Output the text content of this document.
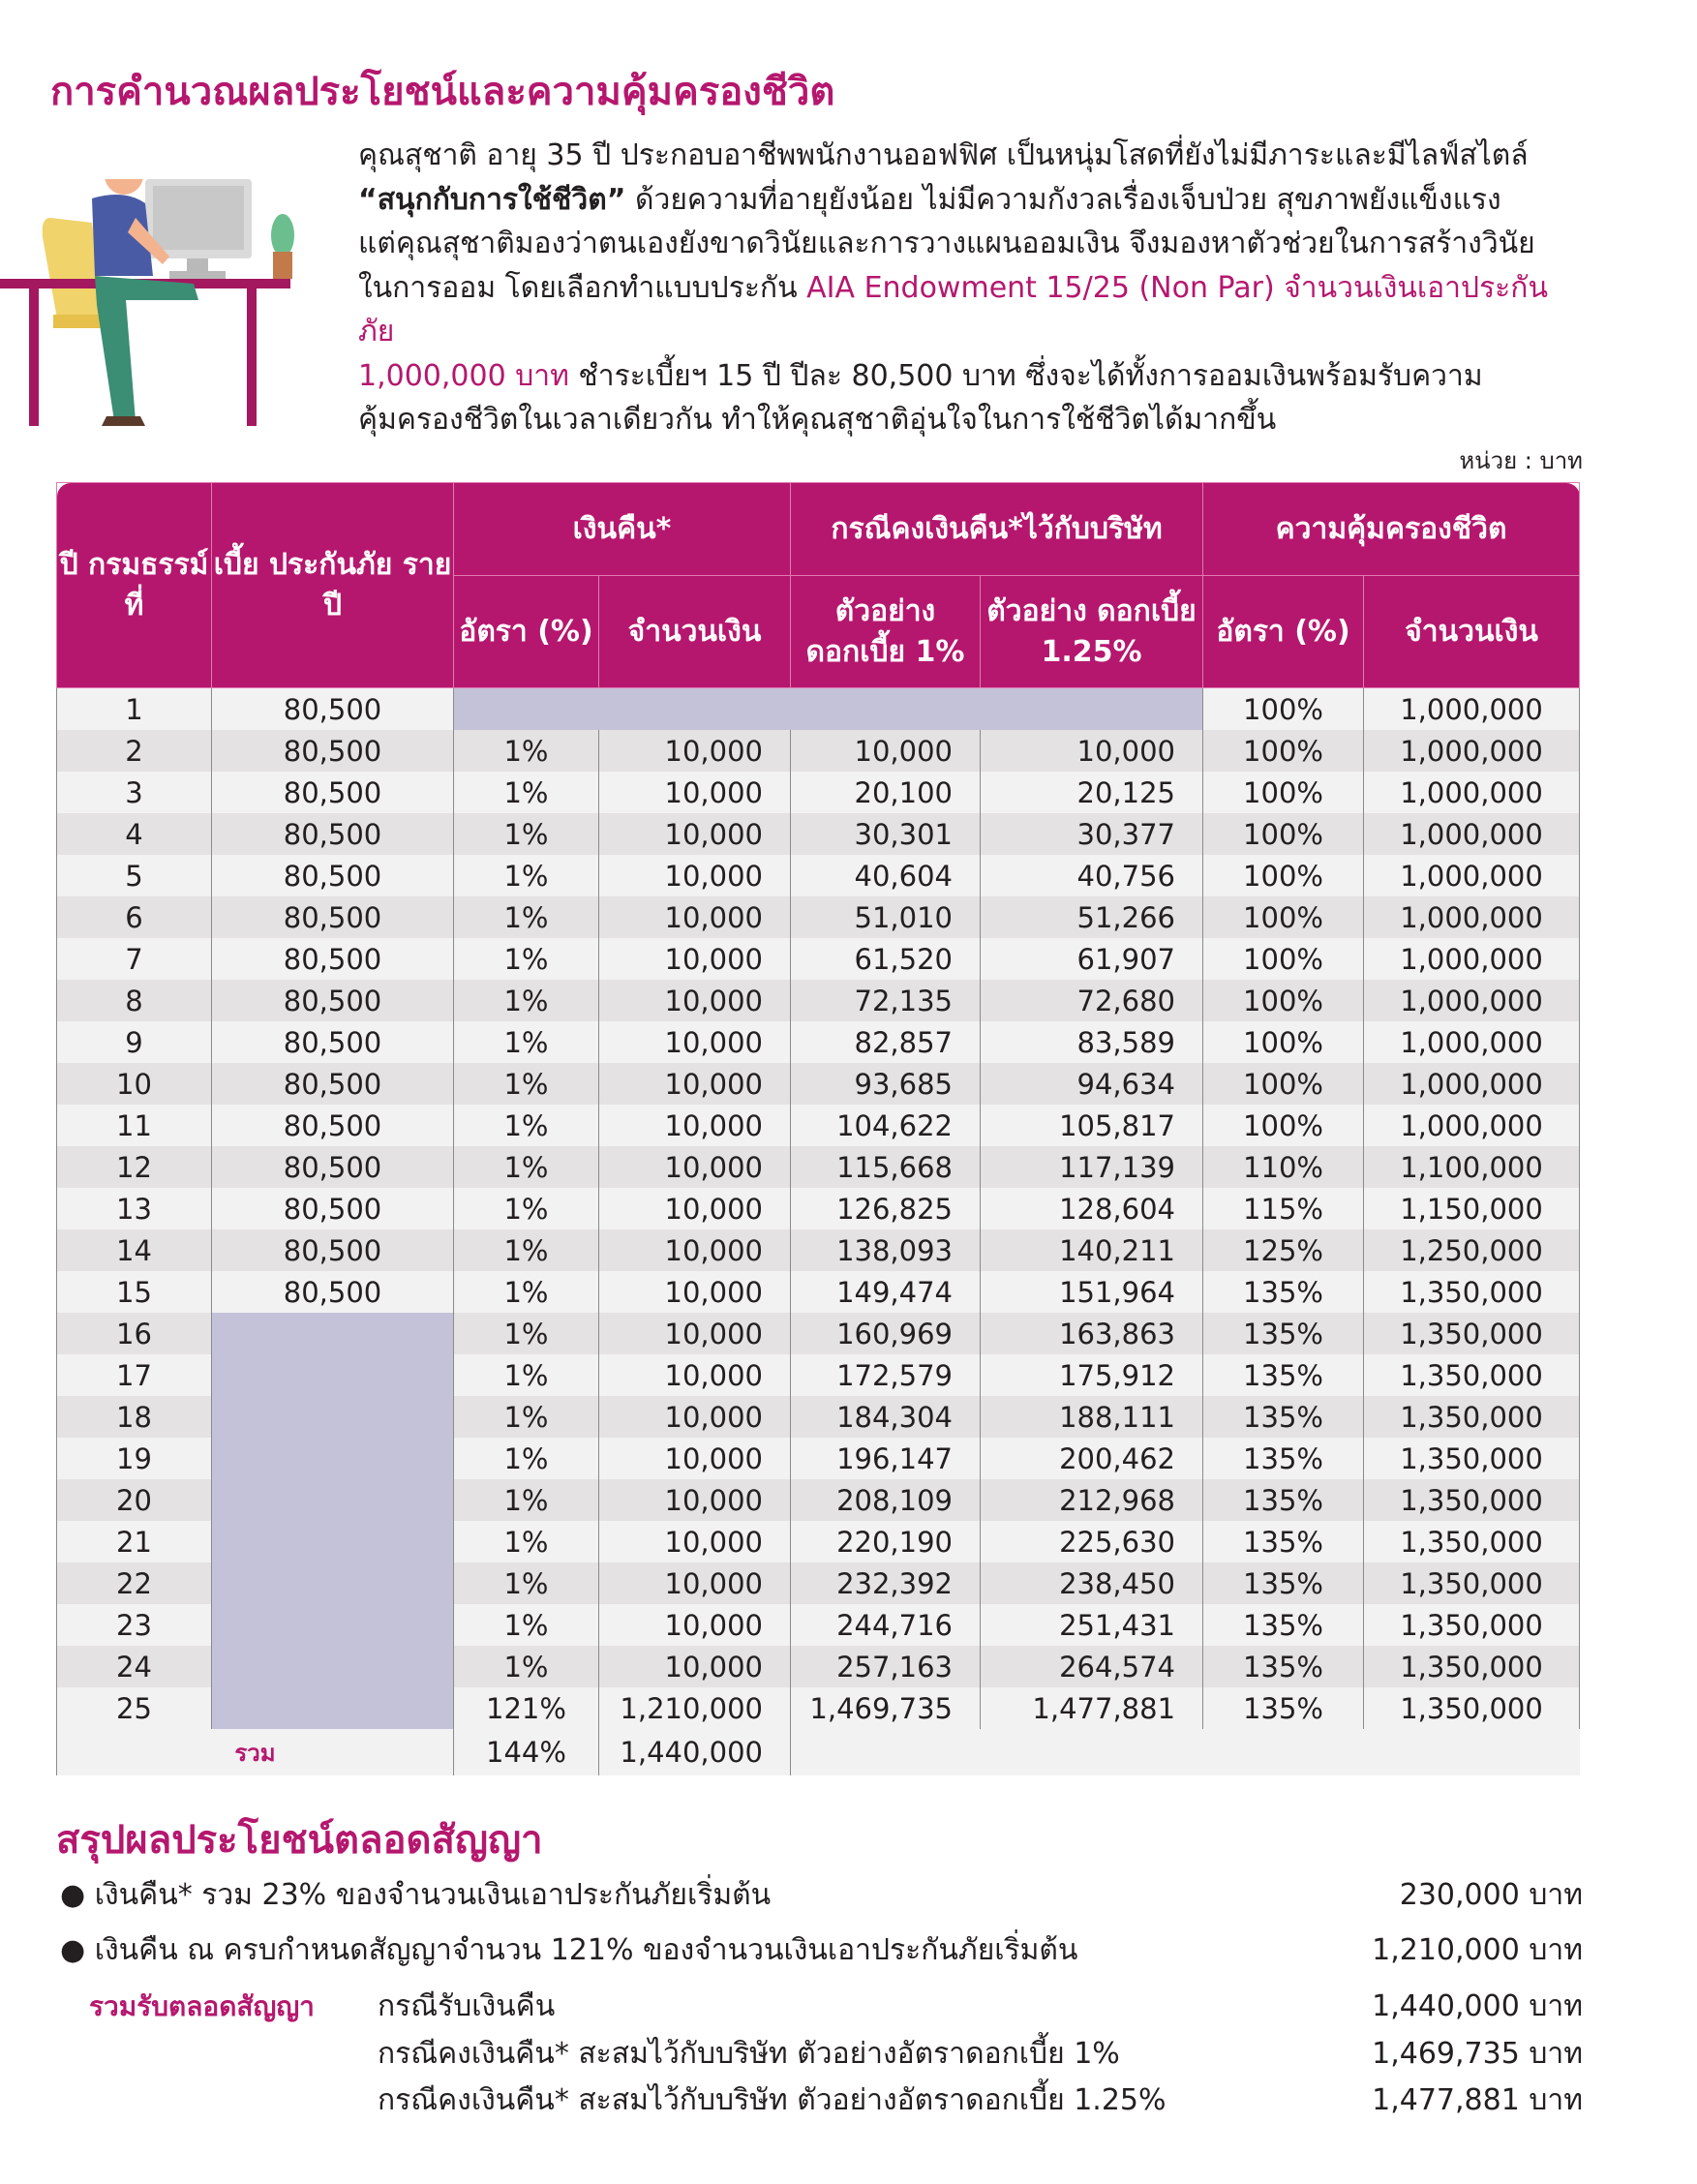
การคำนวณผลประโยชน์และความคุ้มครองชีวิต
คุณสุชาติ อายุ 35 ปี ประกอบอาชีพพนักงานออฟฟิศ เป็นหนุ่มโสดที่ยังไม่มีภาระและมีไลฟ์สไตล์
“สนุกกับการใช้ชีวิต” ด้วยความที่อายุยังน้อย ไม่มีความกังวลเรื่องเจ็บป่วย สุขภาพยังแข็งแรง
แต่คุณสุชาติมองว่าตนเองยังขาดวินัยและการวางแผนออมเงิน จึงมองหาตัวช่วยในการสร้างวินัย
ในการออม โดยเลือกทำแบบประกัน AIA Endowment 15/25 (Non Par) จำนวนเงินเอาประกันภัย
1,000,000 บาท ชำระเบี้ยฯ 15 ปี ปีละ 80,500 บาท ซึ่งจะได้ทั้งการออมเงินพร้อมรับความ
คุ้มครองชีวิตในเวลาเดียวกัน ทำให้คุณสุชาติอุ่นใจในการใช้ชีวิตได้มากขึ้น
หน่วย : บาท
ปี กรมธรรม์ ที่	เบี้ย ประกันภัย รายปี	เงินคืน*		กรณีคงเงินคืน*ไว้กับบริษัท		ความคุ้มครองชีวิต	
		อัตรา (%)	จำนวนเงิน	ตัวอย่าง ดอกเบี้ย 1%	ตัวอย่าง ดอกเบี้ย 1.25%	อัตรา (%)	จำนวนเงิน
1	80,500					100%	1,000,000
2	80,500	1%	10,000	10,000	10,000	100%	1,000,000
3	80,500	1%	10,000	20,100	20,125	100%	1,000,000
4	80,500	1%	10,000	30,301	30,377	100%	1,000,000
5	80,500	1%	10,000	40,604	40,756	100%	1,000,000
6	80,500	1%	10,000	51,010	51,266	100%	1,000,000
7	80,500	1%	10,000	61,520	61,907	100%	1,000,000
8	80,500	1%	10,000	72,135	72,680	100%	1,000,000
9	80,500	1%	10,000	82,857	83,589	100%	1,000,000
10	80,500	1%	10,000	93,685	94,634	100%	1,000,000
11	80,500	1%	10,000	104,622	105,817	100%	1,000,000
12	80,500	1%	10,000	115,668	117,139	110%	1,100,000
13	80,500	1%	10,000	126,825	128,604	115%	1,150,000
14	80,500	1%	10,000	138,093	140,211	125%	1,250,000
15	80,500	1%	10,000	149,474	151,964	135%	1,350,000
16		1%	10,000	160,969	163,863	135%	1,350,000
17		1%	10,000	172,579	175,912	135%	1,350,000
18		1%	10,000	184,304	188,111	135%	1,350,000
19		1%	10,000	196,147	200,462	135%	1,350,000
20		1%	10,000	208,109	212,968	135%	1,350,000
21		1%	10,000	220,190	225,630	135%	1,350,000
22		1%	10,000	232,392	238,450	135%	1,350,000
23		1%	10,000	244,716	251,431	135%	1,350,000
24		1%	10,000	257,163	264,574	135%	1,350,000
25		121%	1,210,000	1,469,735	1,477,881	135%	1,350,000
รวม		144%	1,440,000				
สรุปผลประโยชน์ตลอดสัญญา
● เงินคืน* รวม 23% ของจำนวนเงินเอาประกันภัยเริ่มต้น	230,000 บาท
● เงินคืน ณ ครบกำหนดสัญญาจำนวน 121% ของจำนวนเงินเอาประกันภัยเริ่มต้น	1,210,000 บาท
รวมรับตลอดสัญญา กรณีรับเงินคืน	1,440,000 บาท
กรณีคงเงินคืน* สะสมไว้กับบริษัท ตัวอย่างอัตราดอกเบี้ย 1%	1,469,735 บาท
กรณีคงเงินคืน* สะสมไว้กับบริษัท ตัวอย่างอัตราดอกเบี้ย 1.25%	1,477,881 บาท
